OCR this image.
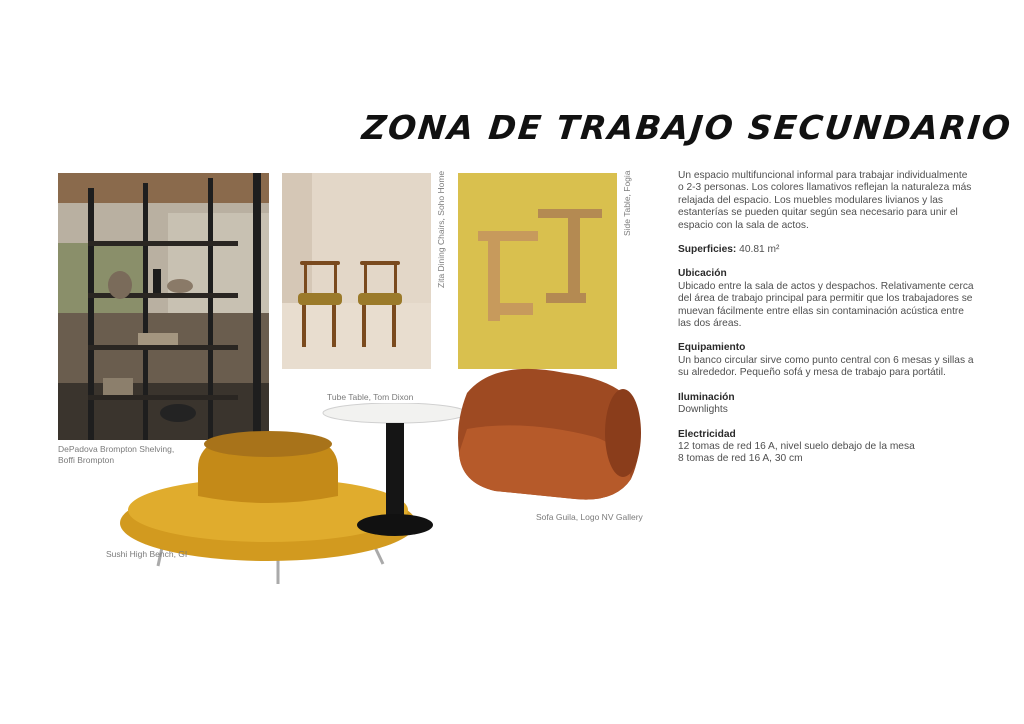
ZONA DE TRABAJO SECUNDARIO
DePadova Brompton Shelving, Boffi Brompton
Zita Dining Chairs, Soho Home	Side Table, Fogia
Sushi High Bench, GI
Tube Table, Tom Dixon
Sofa Guila, Logo NV Gallery

Un espacio multifuncional informal para trabajar individualmente o 2-3 personas. Los colores llamativos reflejan la naturaleza más relajada del espacio. Los muebles modulares livianos y las estanterías se pueden quitar según sea necesario para unir el espacio con la sala de actos.

Superficies: 40.81 m²

Ubicación

Ubicado entre la sala de actos y despachos. Relativamente cerca del área de trabajo principal para permitir que los trabajadores se muevan fácilmente entre ellas sin contaminación acústica entre las dos áreas.

Equipamiento

Un banco circular sirve como punto central con 6 mesas y sillas a su alrededor. Pequeño sofá y mesa de trabajo para portátil.

Iluminación

Downlights

Electricidad

12 tomas de red 16 A, nivel suelo debajo de la mesa

8 tomas de red 16 A, 30 cm
